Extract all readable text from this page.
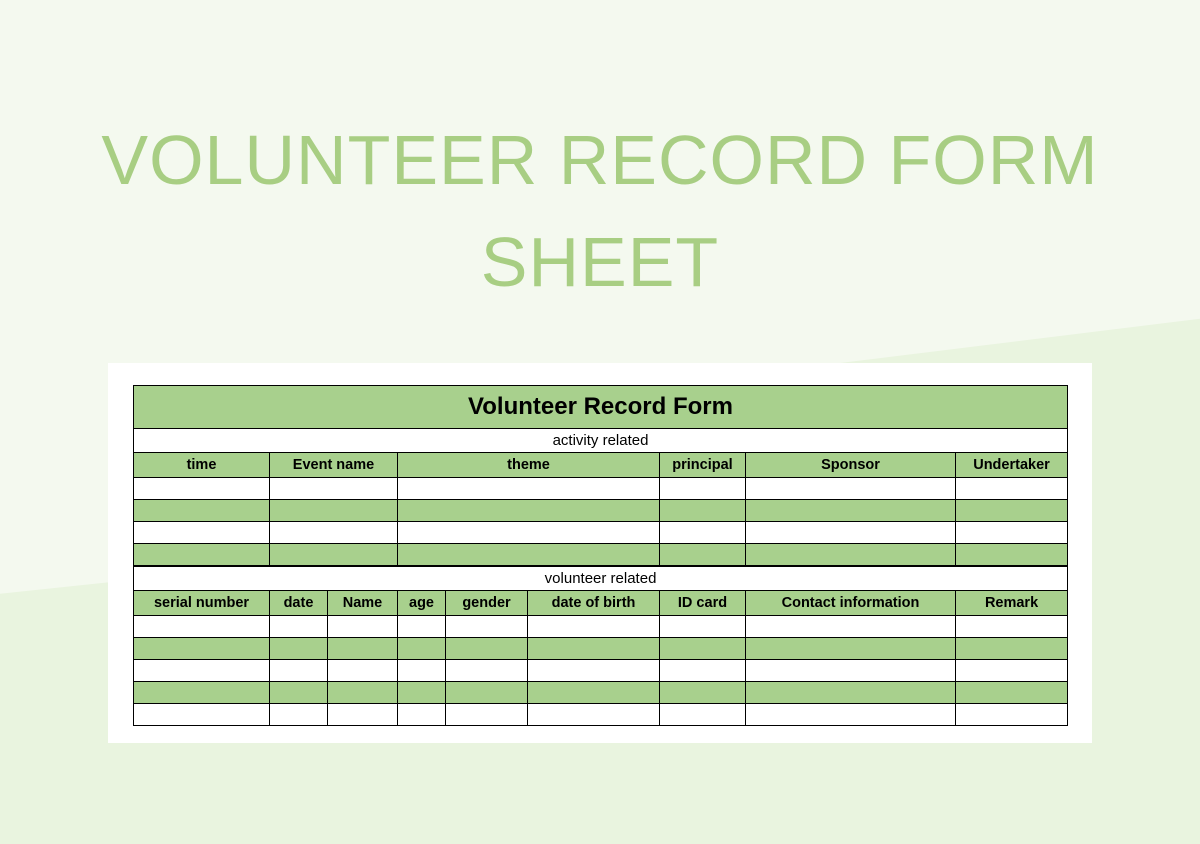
VOLUNTEER RECORD FORM SHEET
Volunteer Record Form					
activity related					
time	Event name	theme	principal	Sponsor	Undertaker

volunteer related								
serial number	date	Name	age	gender	date of birth	ID card	Contact information	Remark
